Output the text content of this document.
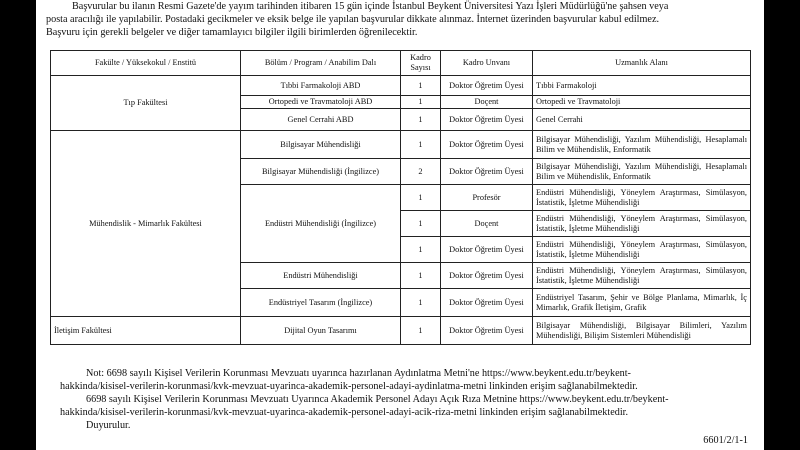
Başvurular bu ilanın Resmi Gazete'de yayım tarihinden itibaren 15 gün içinde İstanbul Beykent Üniversitesi Yazı İşleri Müdürlüğü'ne şahsen veya

posta aracılığı ile yapılabilir. Postadaki gecikmeler ve eksik belge ile yapılan başvurular dikkate alınmaz. İnternet üzerinden başvurular kabul edilmez.
Başvuru için gerekli belgeler ve diğer tamamlayıcı bilgiler ilgili birimlerden öğrenilecektir.
Fakülte / Yüksekokul / Enstitü	Bölüm / Program / Anabilim Dalı	Kadro Sayısı	Kadro Unvanı	Uzmanlık Alanı
Tıp Fakültesi	Tıbbi Farmakoloji ABD	1	Doktor Öğretim Üyesi	Tıbbi Farmakoloji
	Ortopedi ve Travmatoloji ABD	1	Doçent	Ortopedi ve Travmatoloji
	Genel Cerrahi ABD	1	Doktor Öğretim Üyesi	Genel Cerrahi
Mühendislik - Mimarlık Fakültesi	Bilgisayar Mühendisliği	1	Doktor Öğretim Üyesi	Bilgisayar Mühendisliği, Yazılım Mühendisliği, Hesaplamalı Bilim ve Mühendislik, Enformatik
	Bilgisayar Mühendisliği (İngilizce)	2	Doktor Öğretim Üyesi	Bilgisayar Mühendisliği, Yazılım Mühendisliği, Hesaplamalı Bilim ve Mühendislik, Enformatik
	Endüstri Mühendisliği (İngilizce)	1	Profesör	Endüstri Mühendisliği, Yöneylem Araştırması, Simülasyon, İstatistik, İşletme Mühendisliği
		1	Doçent	Endüstri Mühendisliği, Yöneylem Araştırması, Simülasyon, İstatistik, İşletme Mühendisliği
		1	Doktor Öğretim Üyesi	Endüstri Mühendisliği, Yöneylem Araştırması, Simülasyon, İstatistik, İşletme Mühendisliği
	Endüstri Mühendisliği	1	Doktor Öğretim Üyesi	Endüstri Mühendisliği, Yöneylem Araştırması, Simülasyon, İstatistik, İşletme Mühendisliği
	Endüstriyel Tasarım (İngilizce)	1	Doktor Öğretim Üyesi	Endüstriyel Tasarım, Şehir ve Bölge Planlama, Mimarlık, İç Mimarlık, Grafik İletişim, Grafik
İletişim Fakültesi	Dijital Oyun Tasarımı	1	Doktor Öğretim Üyesi	Bilgisayar Mühendisliği, Bilgisayar Bilimleri, Yazılım Mühendisliği, Bilişim Sistemleri Mühendisliği

Not: 6698 sayılı Kişisel Verilerin Korunması Mevzuatı uyarınca hazırlanan Aydınlatma Metni'ne https://www.beykent.edu.tr/beykent-

hakkinda/kisisel-verilerin-korunmasi/kvk-mevzuat-uyarinca-akademik-personel-adayi-aydinlatma-metni linkinden erişim sağlanabilmektedir.

6698 sayılı Kişisel Verilerin Korunması Mevzuatı Uyarınca Akademik Personel Adayı Açık Rıza Metnine https://www.beykent.edu.tr/beykent-

hakkinda/kisisel-verilerin-korunmasi/kvk-mevzuat-uyarinca-akademik-personel-adayi-acik-riza-metni linkinden erişim sağlanabilmektedir.

Duyurulur.

6601/2/1-1
